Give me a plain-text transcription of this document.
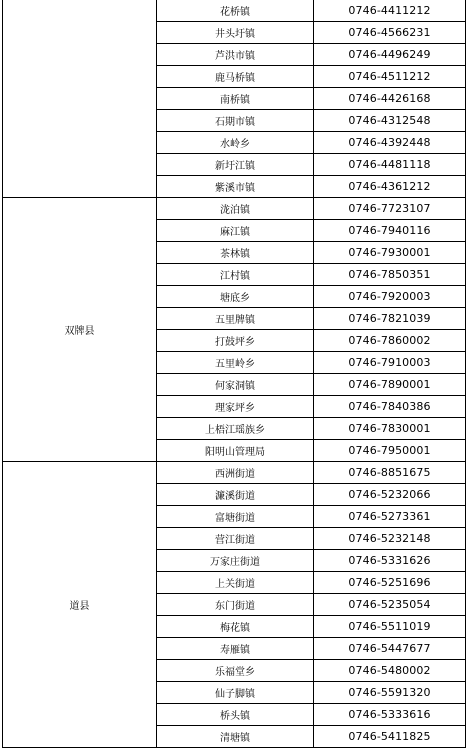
	花桥镇	0746-4411212
	井头圩镇	0746-4566231
	芦洪市镇	0746-4496249
	鹿马桥镇	0746-4511212
	南桥镇	0746-4426168
	石期市镇	0746-4312548
	水岭乡	0746-4392448
	新圩江镇	0746-4481118
	紫溪市镇	0746-4361212
双牌县	泷泊镇	0746-7723107
	麻江镇	0746-7940116
	茶林镇	0746-7930001
	江村镇	0746-7850351
	塘底乡	0746-7920003
	五里牌镇	0746-7821039
	打鼓坪乡	0746-7860002
	五里岭乡	0746-7910003
	何家洞镇	0746-7890001
	理家坪乡	0746-7840386
	上梧江瑶族乡	0746-7830001
	阳明山管理局	0746-7950001
道县	西洲街道	0746-8851675
	濂溪街道	0746-5232066
	富塘街道	0746-5273361
	营江街道	0746-5232148
	万家庄街道	0746-5331626
	上关街道	0746-5251696
	东门街道	0746-5235054
	梅花镇	0746-5511019
	寿雁镇	0746-5447677
	乐福堂乡	0746-5480002
	仙子脚镇	0746-5591320
	桥头镇	0746-5333616
	清塘镇	0746-5411825
